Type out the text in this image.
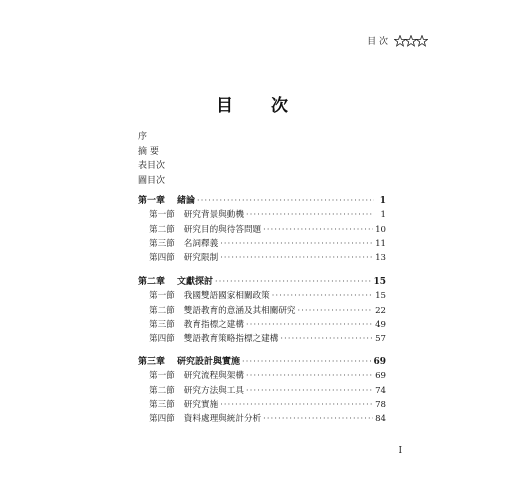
目 次
目 次
序
摘 要
表目次
圖目次
第一章 緒論 ·····	1
第一節 研究背景與動機 ·····	1
第二節 研究目的與待答問題 ·····	10
第三節 名詞釋義 ·····	11
第四節 研究限制 ·····	13
第二章 文獻探討 ·····	15
第一節 我國雙語國家相關政策 ·····	15
第二節 雙語教育的意涵及其相關研究 ·····	22
第三節 教育指標之建構 ·····	49
第四節 雙語教育策略指標之建構 ·····	57
第三章 研究設計與實施 ·····	69
第一節 研究流程與架構 ·····	69
第二節 研究方法與工具 ·····	74
第三節 研究實施 ·····	78
第四節 資料處理與統計分析 ·····	84
I
